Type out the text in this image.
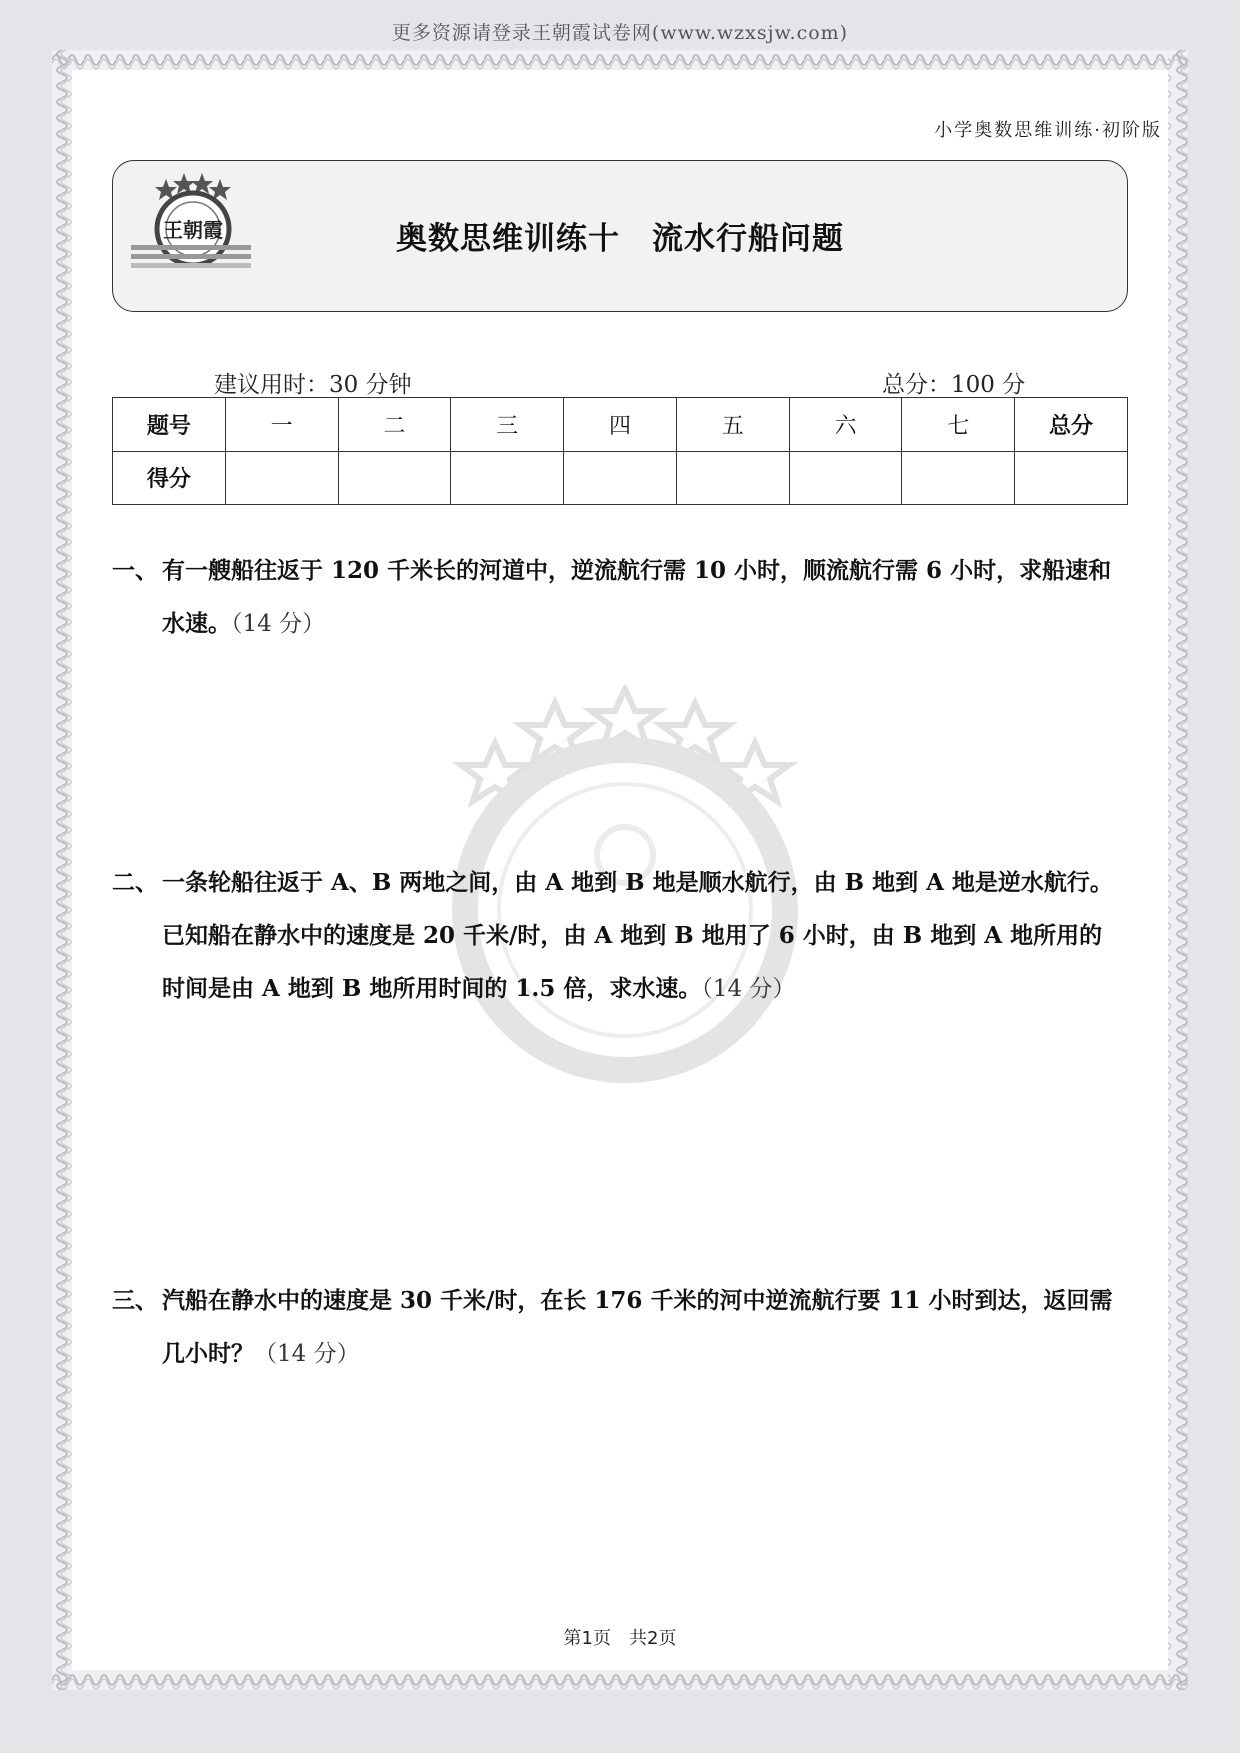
更多资源请登录王朝霞试卷网(www.wzxsjw.com)
小学奥数思维训练·初阶版
王朝霞	奥数思维训练十　流水行船问题
建议用时：30 分钟	总分：100 分
题号	一	二	三	四	五	六	七	总分
得分								
一、 有一艘船往返于 120 千米长的河道中，逆流航行需 10 小时，顺流航行需 6 小时，求船速和水速。（14 分）
二、 一条轮船往返于 A、B 两地之间，由 A 地到 B 地是顺水航行，由 B 地到 A 地是逆水航行。已知船在静水中的速度是 20 千米/时，由 A 地到 B 地用了 6 小时，由 B 地到 A 地所用的时间是由 A 地到 B 地所用时间的 1.5 倍，求水速。（14 分）
三、 汽船在静水中的速度是 30 千米/时，在长 176 千米的河中逆流航行要 11 小时到达，返回需几小时？（14 分）
第1页　共2页
